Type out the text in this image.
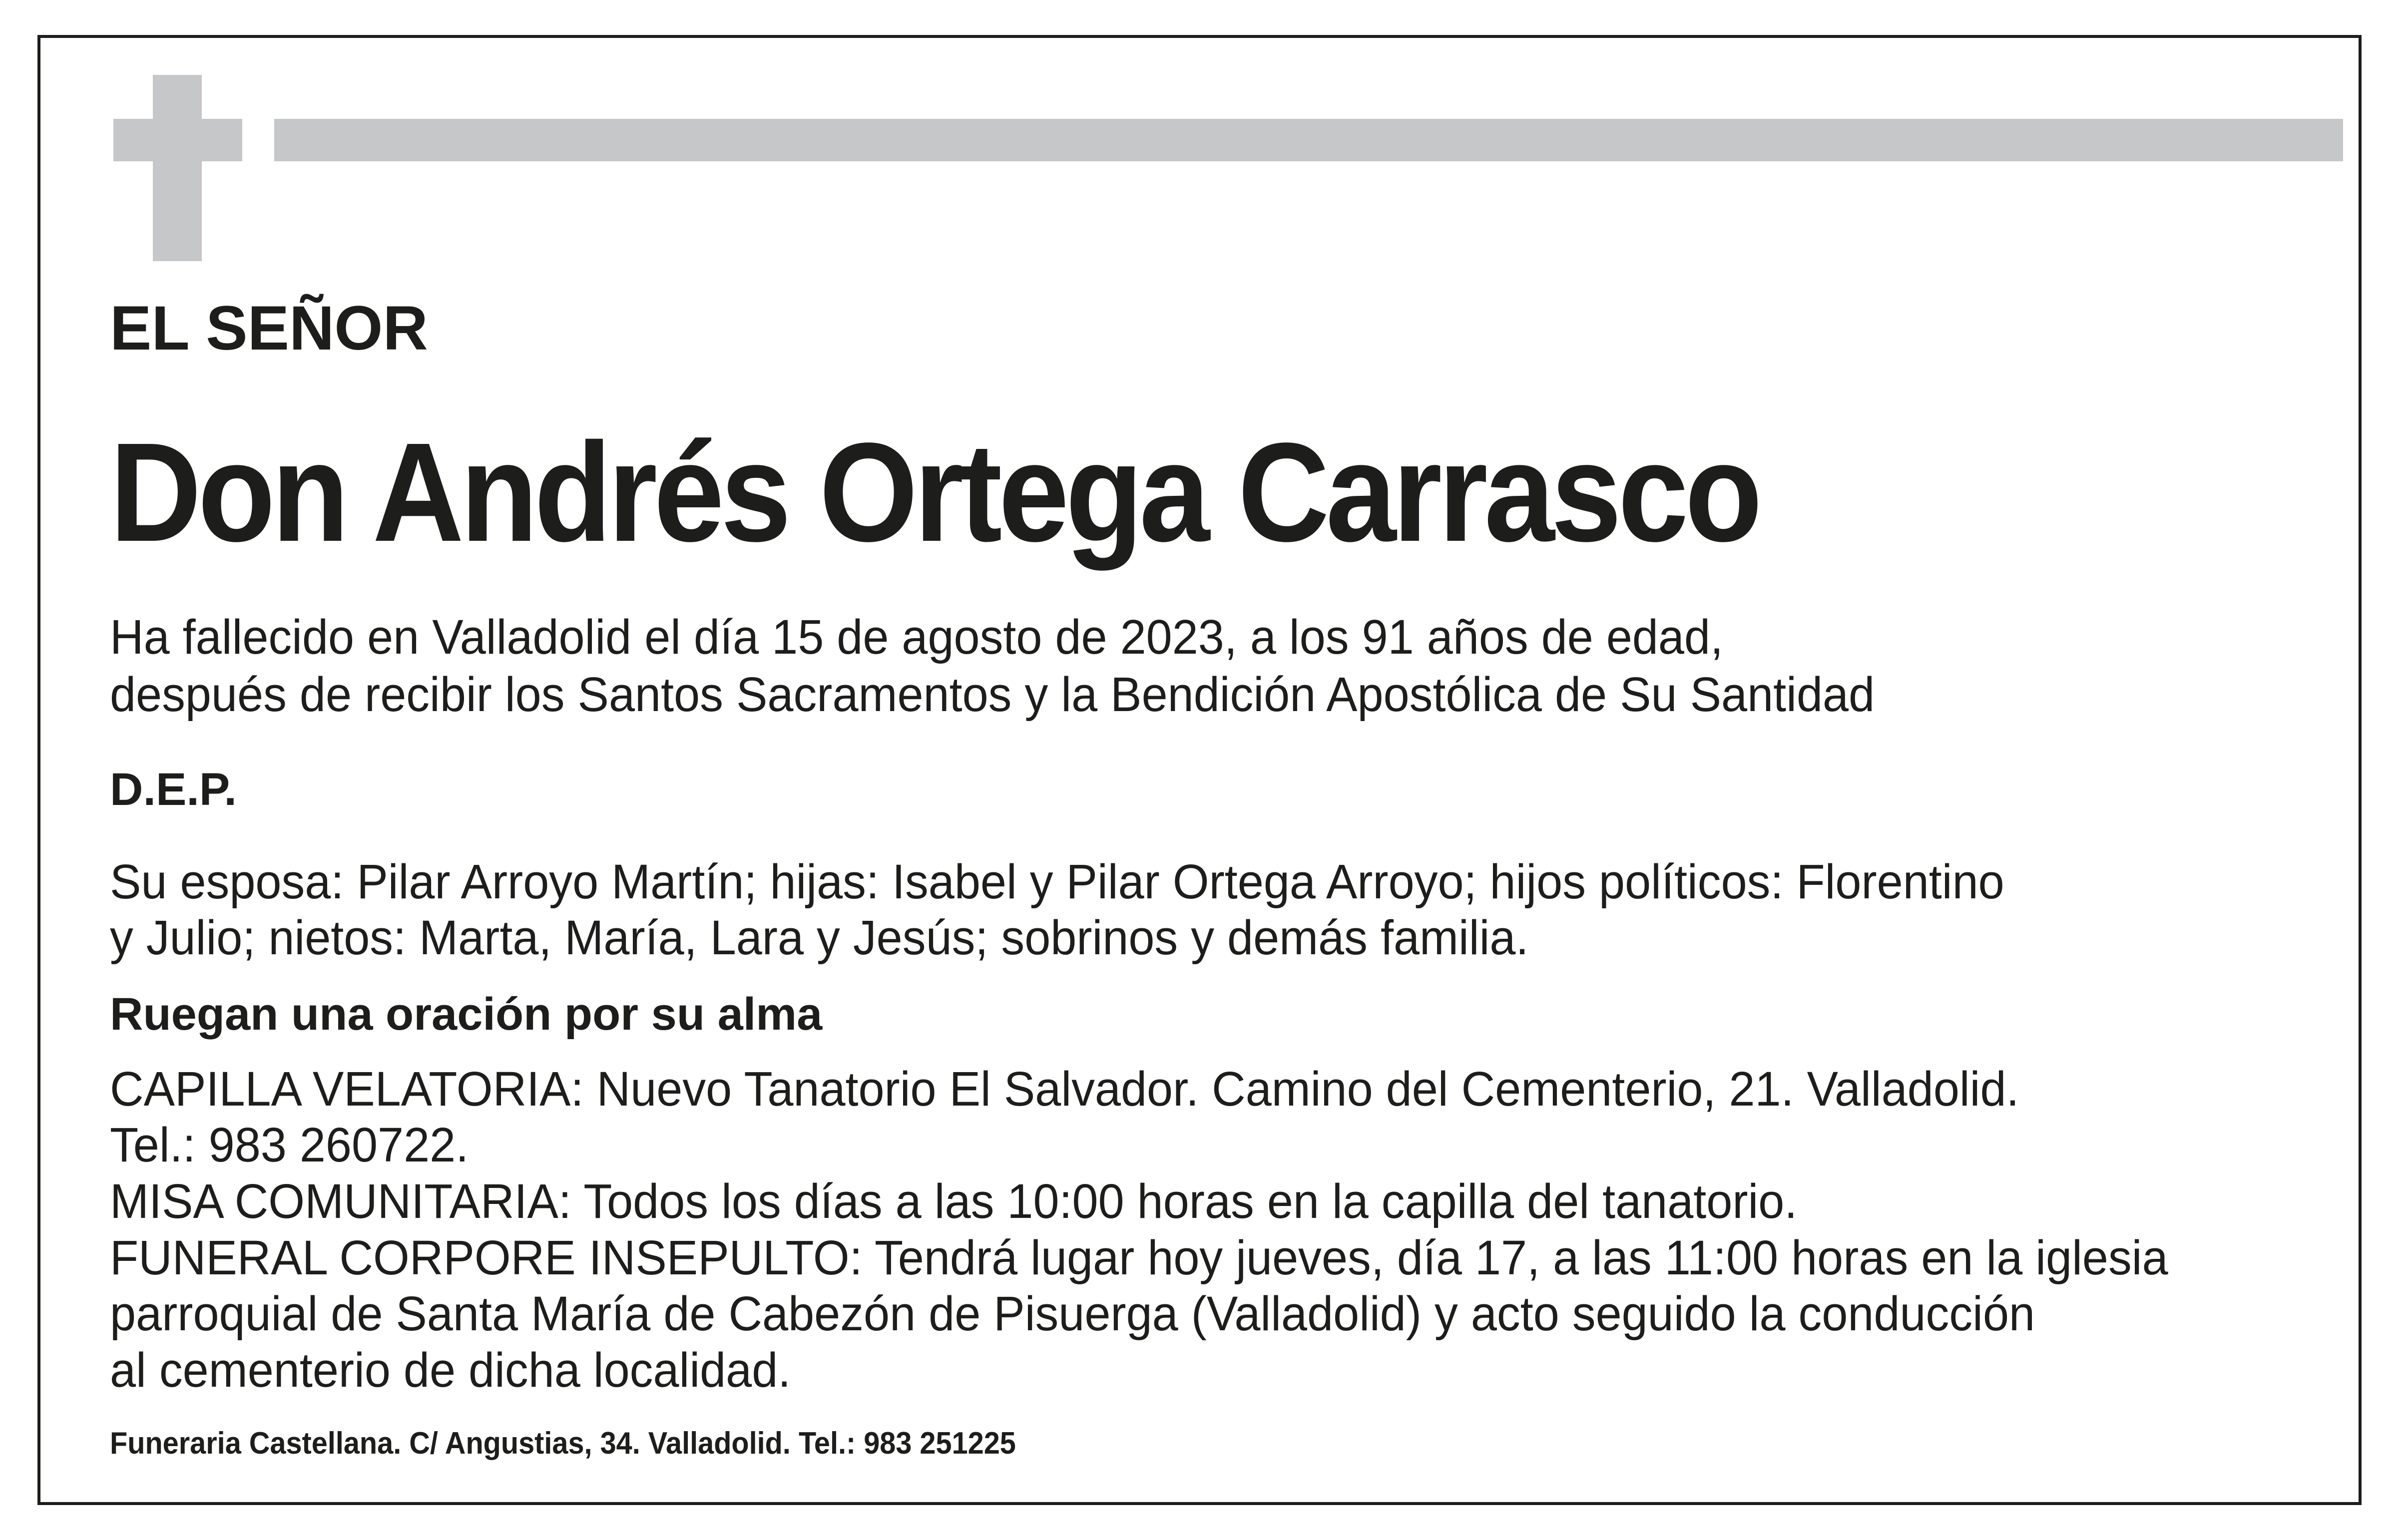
EL SEÑOR

Don Andrés Ortega Carrasco

Ha fallecido en Valladolid el día 15 de agosto de 2023, a los 91 años de edad,

después de recibir los Santos Sacramentos y la Bendición Apostólica de Su Santidad

D.E.P.

Su esposa: Pilar Arroyo Martín; hijas: Isabel y Pilar Ortega Arroyo; hijos políticos: Florentino

y Julio; nietos: Marta, María, Lara y Jesús; sobrinos y demás familia.

Ruegan una oración por su alma

CAPILLA VELATORIA: Nuevo Tanatorio El Salvador. Camino del Cementerio, 21. Valladolid.

Tel.: 983 260722.

MISA COMUNITARIA: Todos los días a las 10:00 horas en la capilla del tanatorio.

FUNERAL CORPORE INSEPULTO: Tendrá lugar hoy jueves, día 17, a las 11:00 horas en la iglesia

parroquial de Santa María de Cabezón de Pisuerga (Valladolid) y acto seguido la conducción

al cementerio de dicha localidad.

Funeraria Castellana. C/ Angustias, 34. Valladolid. Tel.: 983 251225
